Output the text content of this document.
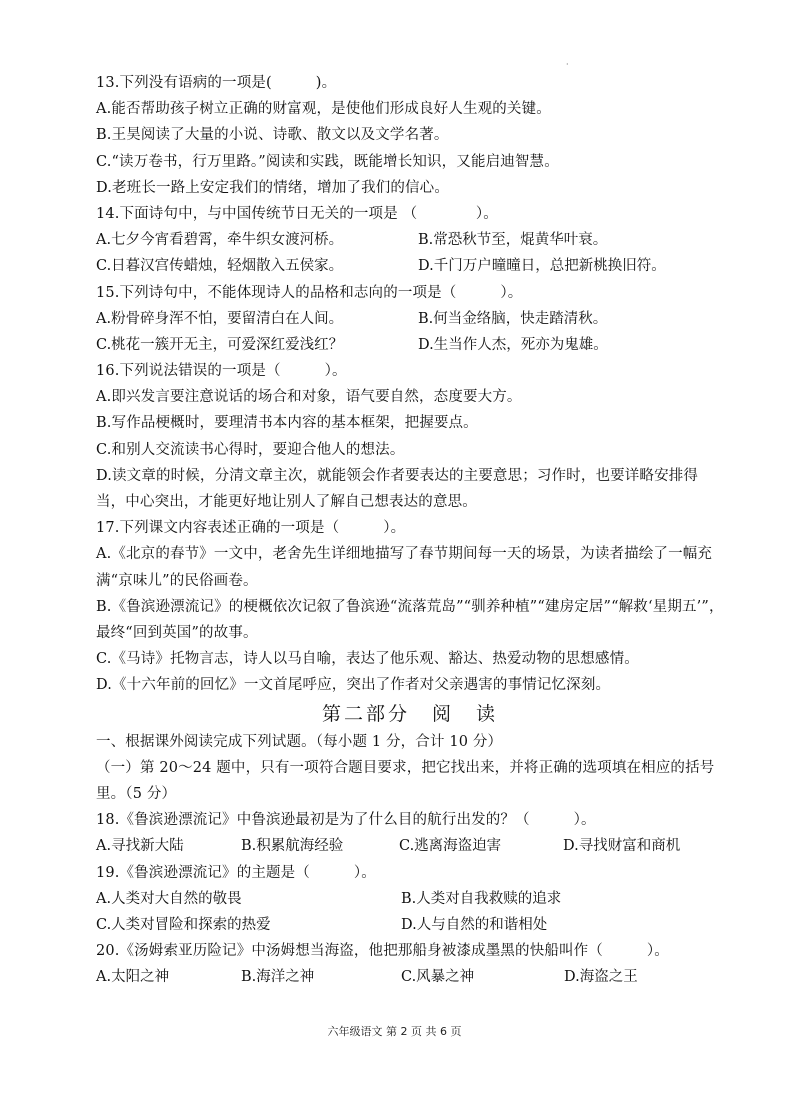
·
13.下列没有语病的一项是(　　　)。
A.能否帮助孩子树立正确的财富观，是使他们形成良好人生观的关键。
B.王昊阅读了大量的小说、诗歌、散文以及文学名著。
C.“读万卷书，行万里路。”阅读和实践，既能增长知识，又能启迪智慧。
D.老班长一路上安定我们的情绪，增加了我们的信心。
14.下面诗句中，与中国传统节日无关的一项是 （　　　　）。
A.七夕今宵看碧霄，牵牛织女渡河桥。	B.常恐秋节至，焜黄华叶衰。
C.日暮汉宫传蜡烛，轻烟散入五侯家。	D.千门万户曈曈日，总把新桃换旧符。
15.下列诗句中，不能体现诗人的品格和志向的一项是（　　　）。
A.粉骨碎身浑不怕，要留清白在人间。	B.何当金络脑，快走踏清秋。
C.桃花一簇开无主，可爱深红爱浅红？	D.生当作人杰，死亦为鬼雄。
16.下列说法错误的一项是（　　　）。
A.即兴发言要注意说话的场合和对象，语气要自然，态度要大方。
B.写作品梗概时，要理清书本内容的基本框架，把握要点。
C.和别人交流读书心得时，要迎合他人的想法。
D.读文章的时候，分清文章主次，就能领会作者要表达的主要意思；习作时，也要详略安排得当，中心突出，才能更好地让别人了解自己想表达的意思。
17.下列课文内容表述正确的一项是（　　　）。
A.《北京的春节》一文中，老舍先生详细地描写了春节期间每一天的场景，为读者描绘了一幅充满“京味儿”的民俗画卷。
B.《鲁滨逊漂流记》的梗概依次记叙了鲁滨逊“流落荒岛”“驯养种植”“建房定居”“解救‘星期五’”，最终“回到英国”的故事。
C.《马诗》托物言志，诗人以马自喻，表达了他乐观、豁达、热爱动物的思想感情。
D.《十六年前的回忆》一文首尾呼应，突出了作者对父亲遇害的事情记忆深刻。
第二部分　阅　读
一、根据课外阅读完成下列试题。（每小题 1 分，合计 10 分）
（一）第 20～24 题中，只有一项符合题目要求，把它找出来，并将正确的选项填在相应的括号里。（5 分）
18.《鲁滨逊漂流记》中鲁滨逊最初是为了什么目的航行出发的？（　　　）。
A.寻找新大陆	B.积累航海经验	C.逃离海盗迫害	D.寻找财富和商机
19.《鲁滨逊漂流记》的主题是（　　　）。
A.人类对大自然的敬畏	B.人类对自我救赎的追求
C.人类对冒险和探索的热爱	D.人与自然的和谐相处
20.《汤姆索亚历险记》中汤姆想当海盗，他把那船身被漆成墨黑的快船叫作（　　　）。
A.太阳之神	B.海洋之神	C.风暴之神	D.海盗之王
六年级语文 第 2 页 共 6 页
